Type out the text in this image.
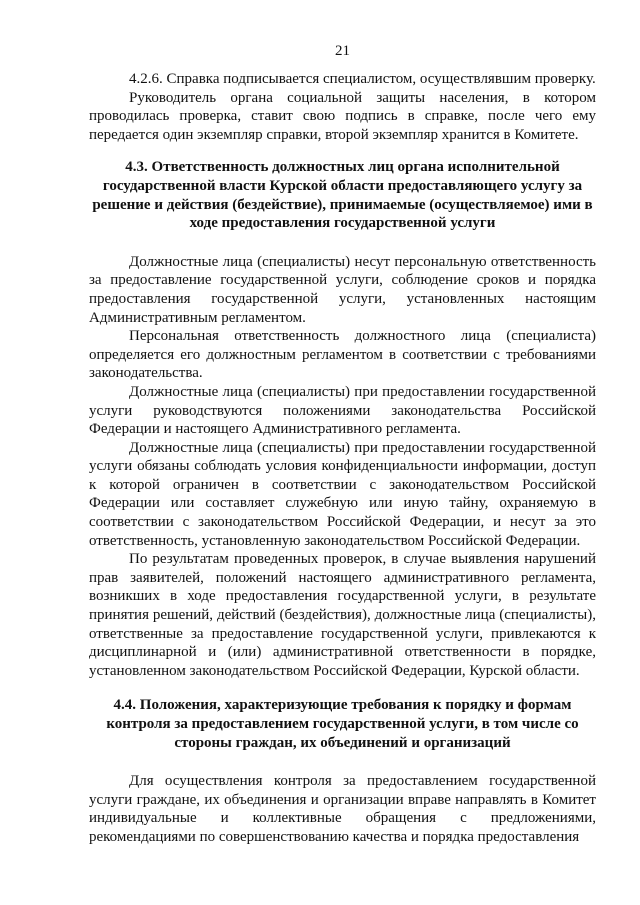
21

4.2.6. Справка подписывается специалистом, осуществлявшим проверку.

Руководитель органа социальной защиты населения, в котором проводилась проверка, ставит свою подпись в справке, после чего ему передается один экземпляр справки, второй экземпляр хранится в Комитете.

4.3. Ответственность должностных лиц органа исполнительной государственной власти Курской области предоставляющего услугу за решение и действия (бездействие), принимаемые (осуществляемое) ими в ходе предоставления государственной услуги

Должностные лица (специалисты) несут персональную ответственность за предоставление государственной услуги, соблюдение сроков и порядка предоставления государственной услуги, установленных настоящим Административным регламентом.

Персональная ответственность должностного лица (специалиста) определяется его должностным регламентом в соответствии с требованиями законодательства.

Должностные лица (специалисты) при предоставлении государственной услуги руководствуются положениями законодательства Российской Федерации и настоящего Административного регламента.

Должностные лица (специалисты) при предоставлении государственной услуги обязаны соблюдать условия конфиденциальности информации, доступ к которой ограничен в соответствии с законодательством Российской Федерации или составляет служебную или иную тайну, охраняемую в соответствии с законодательством Российской Федерации, и несут за это ответственность, установленную законодательством Российской Федерации.

По результатам проведенных проверок, в случае выявления нарушений прав заявителей, положений настоящего административного регламента, возникших в ходе предоставления государственной услуги, в результате принятия решений, действий (бездействия), должностные лица (специалисты), ответственные за предоставление государственной услуги, привлекаются к дисциплинарной и (или) административной ответственности в порядке, установленном законодательством Российской Федерации, Курской области.

4.4. Положения, характеризующие требования к порядку и формам контроля за предоставлением государственной услуги, в том числе со стороны граждан, их объединений и организаций

Для осуществления контроля за предоставлением государственной услуги граждане, их объединения и организации вправе направлять в Комитет индивидуальные и коллективные обращения с предложениями, рекомендациями по совершенствованию качества и порядка предоставления
